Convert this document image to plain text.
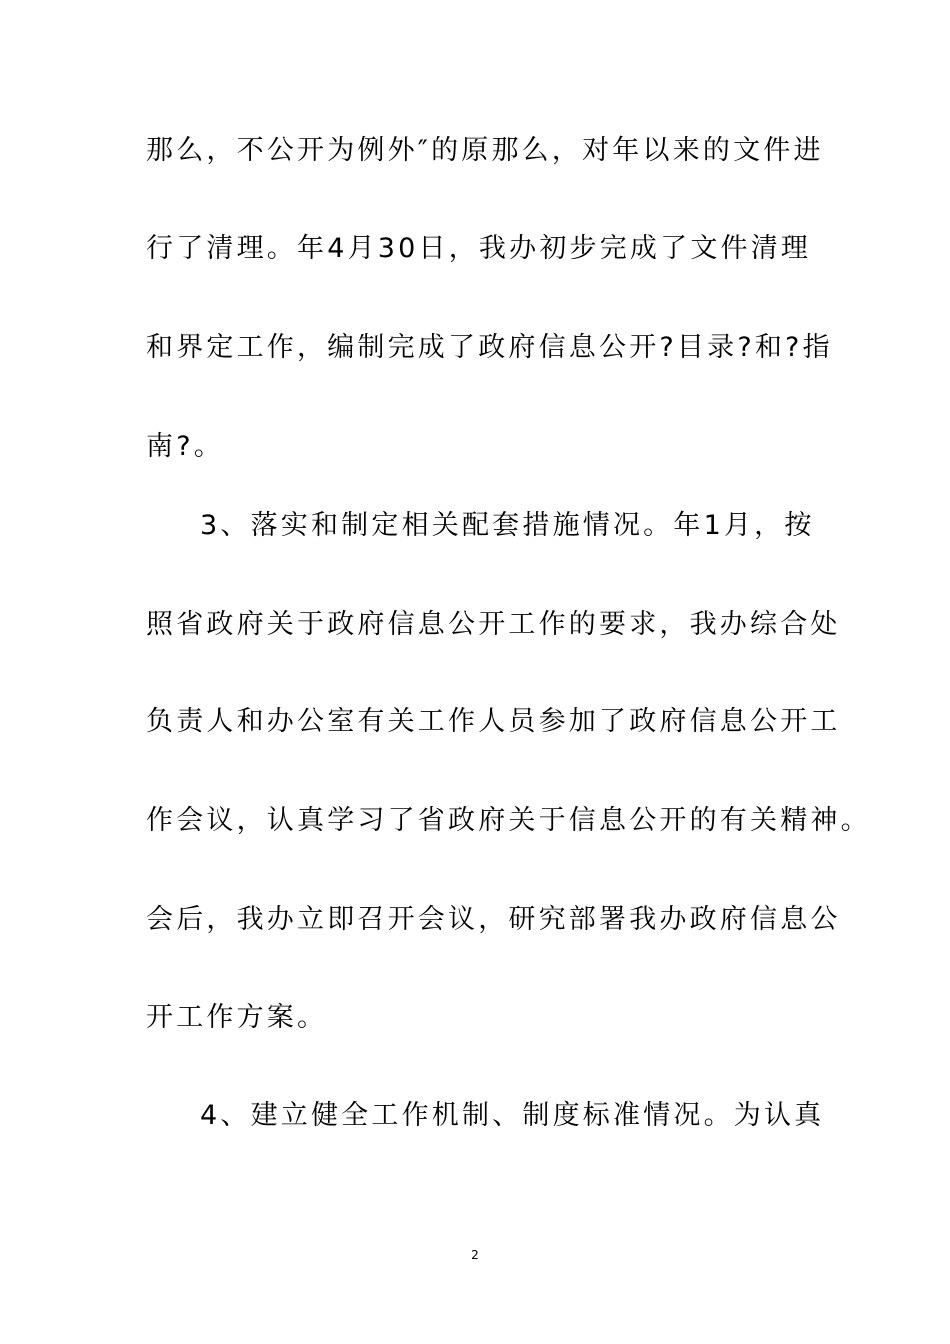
那么，不公开为例外″的原那么，对年以来的文件进
行了清理。年4月30日，我办初步完成了文件清理
和界定工作，编制完成了政府信息公开?目录?和?指
南?。
3、落实和制定相关配套措施情况。年1月，按
照省政府关于政府信息公开工作的要求，我办综合处
负责人和办公室有关工作人员参加了政府信息公开工
作会议，认真学习了省政府关于信息公开的有关精神。
会后，我办立即召开会议，研究部署我办政府信息公
开工作方案。
4、建立健全工作机制、制度标准情况。为认真
2
